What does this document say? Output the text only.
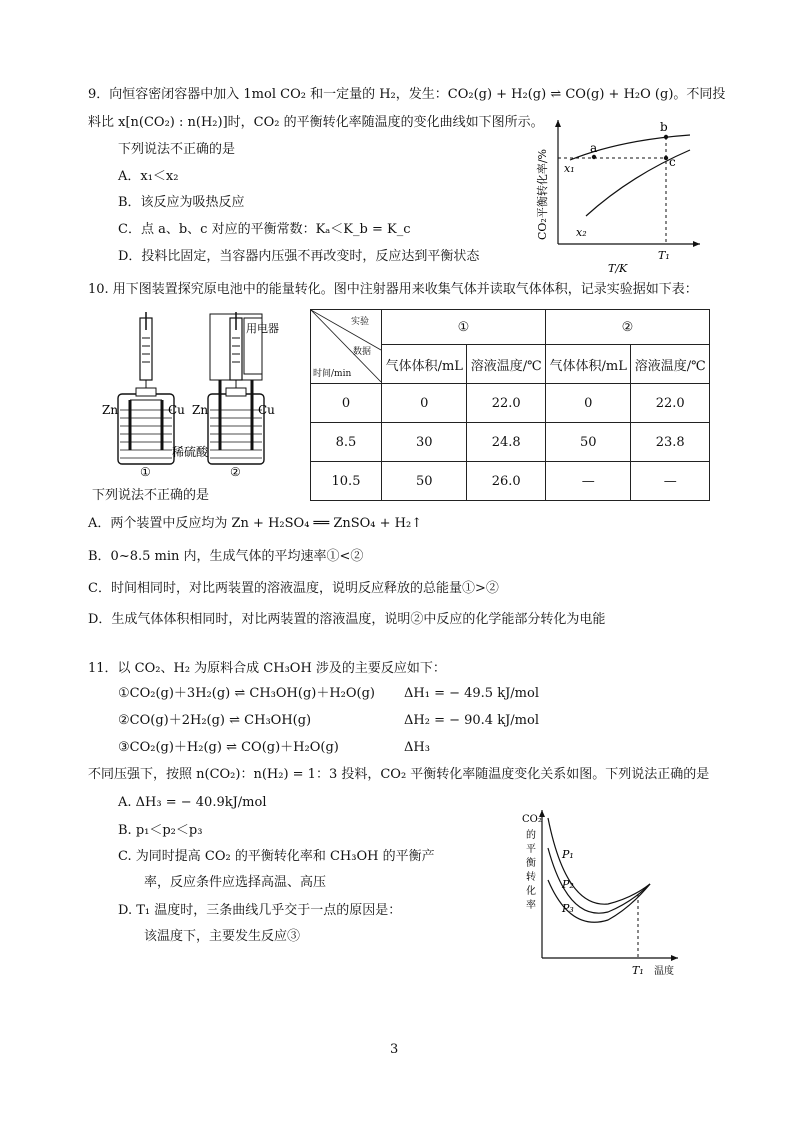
9．向恒容密闭容器中加入 1mol CO₂ 和一定量的 H₂，发生：CO₂(g) + H₂(g) ⇌ CO(g) + H₂O (g)。不同投
料比 x[n(CO₂) : n(H₂)]时，CO₂ 的平衡转化率随温度的变化曲线如下图所示。
下列说法不正确的是
A．x₁＜x₂
B．该反应为吸热反应
C．点 a、b、c 对应的平衡常数：Kₐ＜K_b = K_c
D．投料比固定，当容器内压强不再改变时，反应达到平衡状态
a
b
c
x₁
x₂
T₁
T/K
CO₂平衡转化率/%
10. 用下图装置探究原电池中的能量转化。图中注射器用来收集气体并读取气体体积，记录实验据如下表：
用电器
Zn	Cu Zn	Cu
稀硫酸
①	②
实验
数据
时间/min	①		②	
	气体体积/mL	溶液温度/℃	气体体积/mL	溶液温度/℃
0	0	22.0	0	22.0
8.5	30	24.8	50	23.8
10.5	50	26.0	—	—
下列说法不正确的是
A．两个装置中反应均为 Zn + H₂SO₄ ══ ZnSO₄ + H₂↑
B．0~8.5 min 内，生成气体的平均速率①<②
C．时间相同时，对比两装置的溶液温度，说明反应释放的总能量①>②
D．生成气体体积相同时，对比两装置的溶液温度，说明②中反应的化学能部分转化为电能
11．以 CO₂、H₂ 为原料合成 CH₃OH 涉及的主要反应如下：
①CO₂(g)＋3H₂(g) ⇌ CH₃OH(g)＋H₂O(g) ΔH₁ = − 49.5 kJ/mol
②CO(g)＋2H₂(g) ⇌ CH₃OH(g)	ΔH₂ = − 90.4 kJ/mol
③CO₂(g)＋H₂(g) ⇌ CO(g)＋H₂O(g)	ΔH₃
不同压强下，按照 n(CO₂)：n(H₂) = 1：3 投料，CO₂ 平衡转化率随温度变化关系如图。下列说法正确的是
A. ΔH₃ = − 40.9kJ/mol
B. p₁＜p₂＜p₃
C. 为同时提高 CO₂ 的平衡转化率和 CH₃OH 的平衡产
率，反应条件应选择高温、高压
D. T₁ 温度时，三条曲线几乎交于一点的原因是：
该温度下，主要发生反应③
P₁
P₂
P₃
T₁ 温度
CO₂
的
平
衡
转
化
率
3
